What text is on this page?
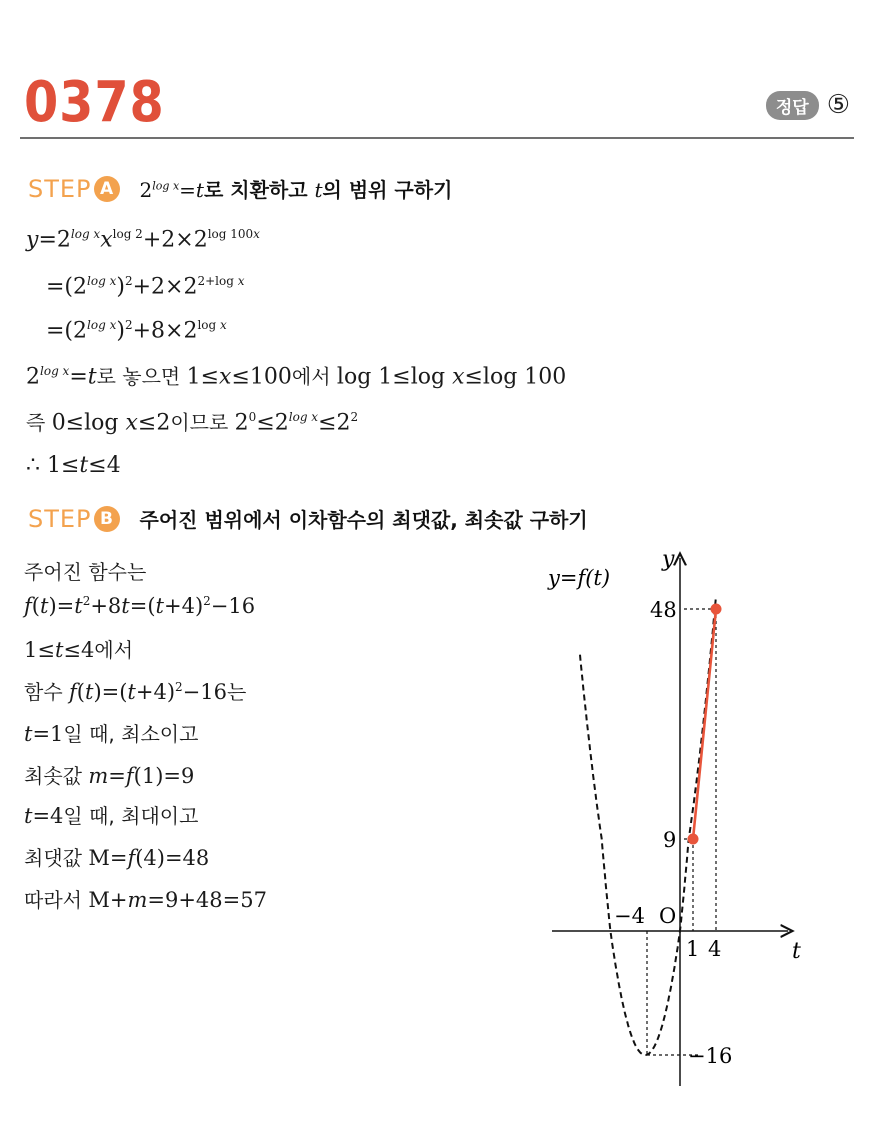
0378	정답 ⑤
STEP A	$2^{log x}=t$로 치환하고 t의 범위 구하기
$y=2^{log x}x^{log 2}+2\times 2^{log 100x}$
$=(2^{log x})^2+2\times 2^{2+log x}$
$=(2^{log x})^2+8\times 2^{log x}$
$2^{log x}=t$로 놓으면 1≤x≤100에서 log 1≤log x≤log 100
즉 0≤log x≤2이므로 $2^0\le 2^{log x}\le 2^2$
∴ 1≤t≤4
STEP B	주어진 범위에서 이차함수의 최댓값, 최솟값 구하기
주어진 함수는
$f(t)=t^2+8t=(t+4)^2-16$
1≤t≤4에서
함수 $f(t)=(t+4)^2-16$는
t=1일 때, 최소이고
최솟값 m=f(1)=9
t=4일 때, 최대이고
최댓값 M=f(4)=48
따라서 M+m=9+48=57
y=f(t)
y
t
O
−4
1 4
48
9
−16
